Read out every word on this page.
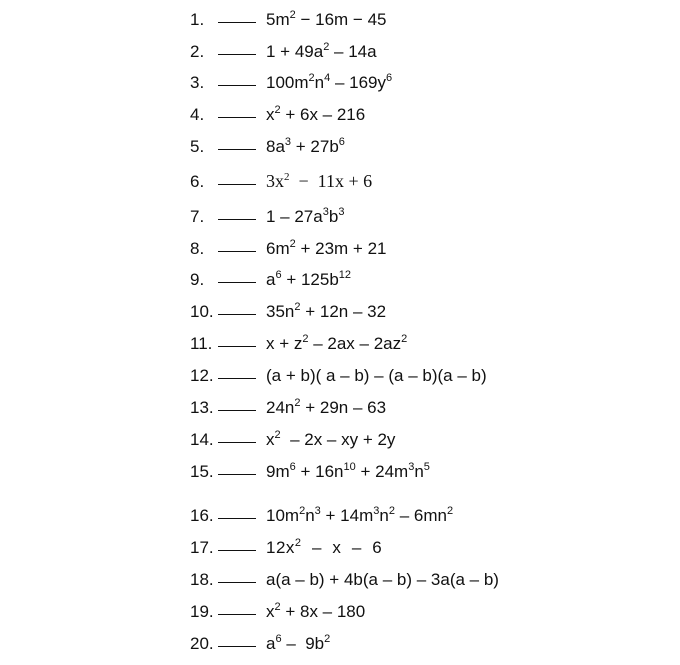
1.	$5m^2 - 16m - 45$
2.	$1 + 49a^2 - 14a$
3.	$100m^2n^4 - 169y^6$
4.	$x^2 + 6x - 216$
5.	$8a^3 + 27b^6$
6.	$3x^2 - 11x + 6$
7.	$1 - 27a^3b^3$
8.	$6m^2 + 23m + 21$
9.	$a^6 + 125b^{12}$
10.	$35n^2 + 12n - 32$
11.	$x + z^2 - 2ax - 2az^2$
12.	(a + b)( a – b) – (a – b)(a – b)
13.	$24n^2 + 29n - 63$
14.	$x^2 - 2x$ – xy + 2y
15.	$9m^6 + 16n^{10} + 24m^3n^5$
16.	$10m^2n^3 + 14m^3n^2 - 6mn^2$
17.	$12x^2$  –  x  –  6
18.	a(a – b) + 4b(a – b) – 3a(a – b)
19.	$x^2 + 8x - 180$
20.	$a^6 - 9b^2$
